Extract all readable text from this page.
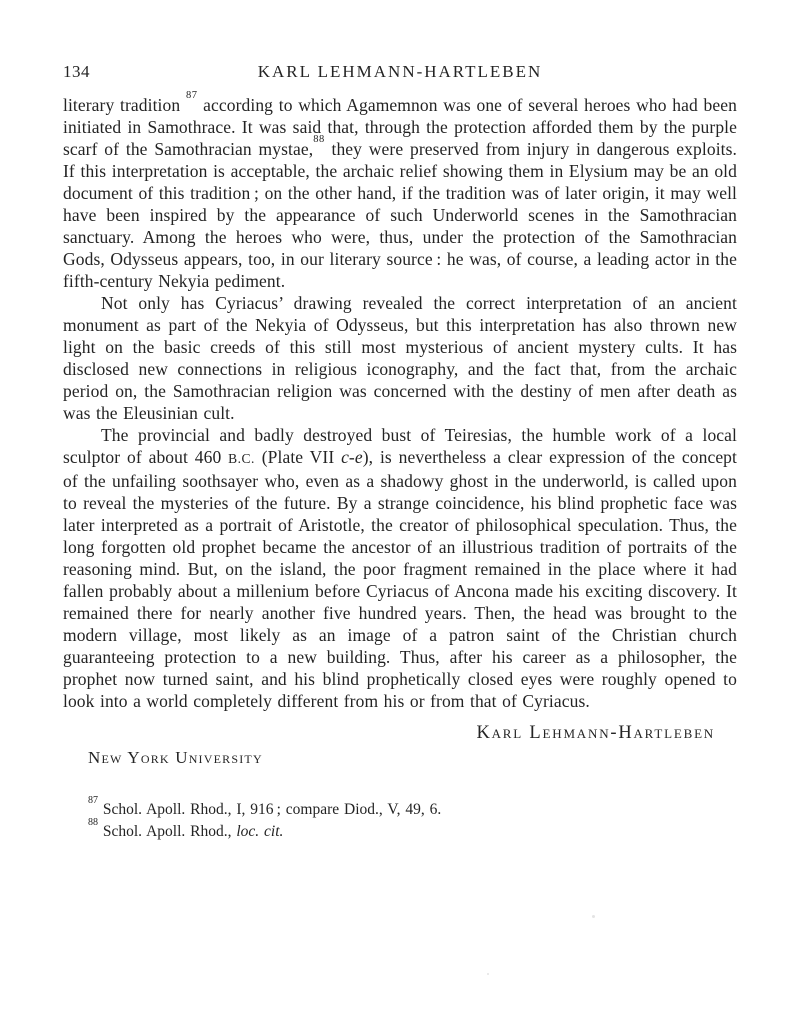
KARL LEHMANN-HARTLEBEN
134

literary tradition $^{87}$ according to which Agamemnon was one of several heroes who had been initiated in Samothrace. It was said that, through the protection afforded them by the purple scarf of the Samothracian mystae,$^{88}$ they were preserved from injury in dangerous exploits. If this interpretation is acceptable, the archaic relief showing them in Elysium may be an old document of this tradition ; on the other hand, if the tradition was of later origin, it may well have been inspired by the appearance of such Underworld scenes in the Samothracian sanctuary. Among the heroes who were, thus, under the protection of the Samothracian Gods, Odysseus appears, too, in our literary source : he was, of course, a leading actor in the fifth-century Nekyia pediment.

Not only has Cyriacus’ drawing revealed the correct interpretation of an ancient monument as part of the Nekyia of Odysseus, but this interpretation has also thrown new light on the basic creeds of this still most mysterious of ancient mystery cults. It has disclosed new connections in religious iconography, and the fact that, from the archaic period on, the Samothracian religion was concerned with the destiny of men after death as was the Eleusinian cult.

The provincial and badly destroyed bust of Teiresias, the humble work of a local sculptor of about 460 B.C. (Plate VII c-e), is nevertheless a clear expression of the concept of the unfailing soothsayer who, even as a shadowy ghost in the underworld, is called upon to reveal the mysteries of the future. By a strange coincidence, his blind prophetic face was later interpreted as a portrait of Aristotle, the creator of philosophical speculation. Thus, the long forgotten old prophet became the ancestor of an illustrious tradition of portraits of the reasoning mind. But, on the island, the poor fragment remained in the place where it had fallen probably about a millenium before Cyriacus of Ancona made his exciting discovery. It remained there for nearly another five hundred years. Then, the head was brought to the modern village, most likely as an image of a patron saint of the Christian church guaranteeing protection to a new building. Thus, after his career as a philosopher, the prophet now turned saint, and his blind prophetically closed eyes were roughly opened to look into a world completely different from his or from that of Cyriacus.

Karl Lehmann-Hartleben
New York University

$^{87}$ Schol. Apoll. Rhod., I, 916 ; compare Diod., V, 49, 6.

$^{88}$ Schol. Apoll. Rhod., loc. cit.
